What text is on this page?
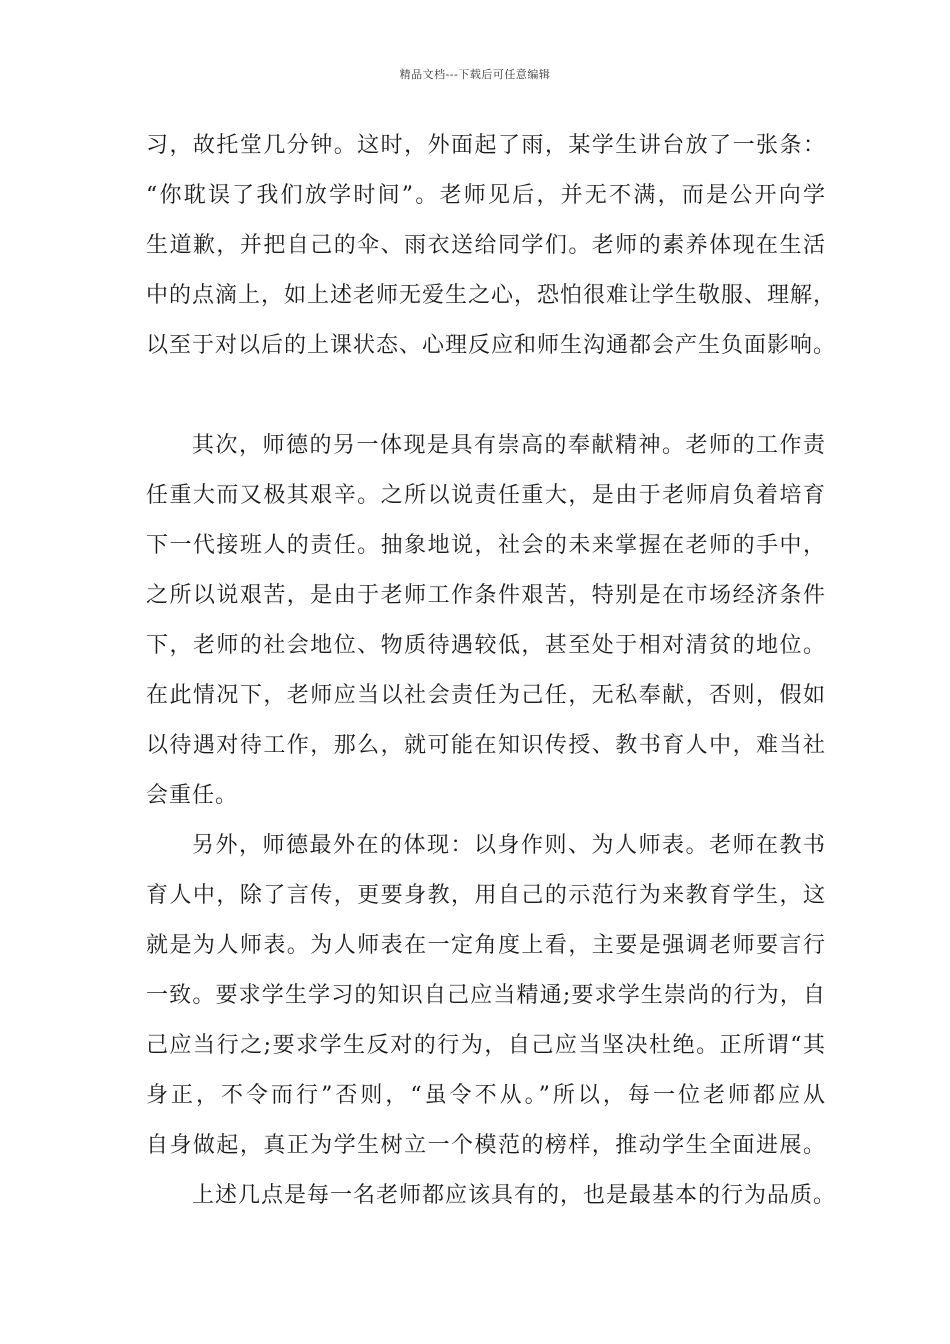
精品文档---下载后可任意编辑
习，故托堂几分钟。这时，外面起了雨，某学生讲台放了一张条：
“你耽误了我们放学时间”。老师见后，并无不满，而是公开向学
生道歉，并把自己的伞、雨衣送给同学们。老师的素养体现在生活
中的点滴上，如上述老师无爱生之心，恐怕很难让学生敬服、理解，
以至于对以后的上课状态、心理反应和师生沟通都会产生负面影响。
其次，师德的另一体现是具有崇高的奉献精神。老师的工作责
任重大而又极其艰辛。之所以说责任重大，是由于老师肩负着培育
下一代接班人的责任。抽象地说，社会的未来掌握在老师的手中，
之所以说艰苦，是由于老师工作条件艰苦，特别是在市场经济条件
下，老师的社会地位、物质待遇较低，甚至处于相对清贫的地位。
在此情况下，老师应当以社会责任为己任，无私奉献，否则，假如
以待遇对待工作，那么，就可能在知识传授、教书育人中，难当社
会重任。
另外，师德最外在的体现：以身作则、为人师表。老师在教书
育人中，除了言传，更要身教，用自己的示范行为来教育学生，这
就是为人师表。为人师表在一定角度上看，主要是强调老师要言行
一致。要求学生学习的知识自己应当精通;要求学生崇尚的行为，自
己应当行之;要求学生反对的行为，自己应当坚决杜绝。正所谓“其
身正，不令而行”否则，“虽令不从。”所以，每一位老师都应从
自身做起，真正为学生树立一个模范的榜样，推动学生全面进展。
上述几点是每一名老师都应该具有的，也是最基本的行为品质。
